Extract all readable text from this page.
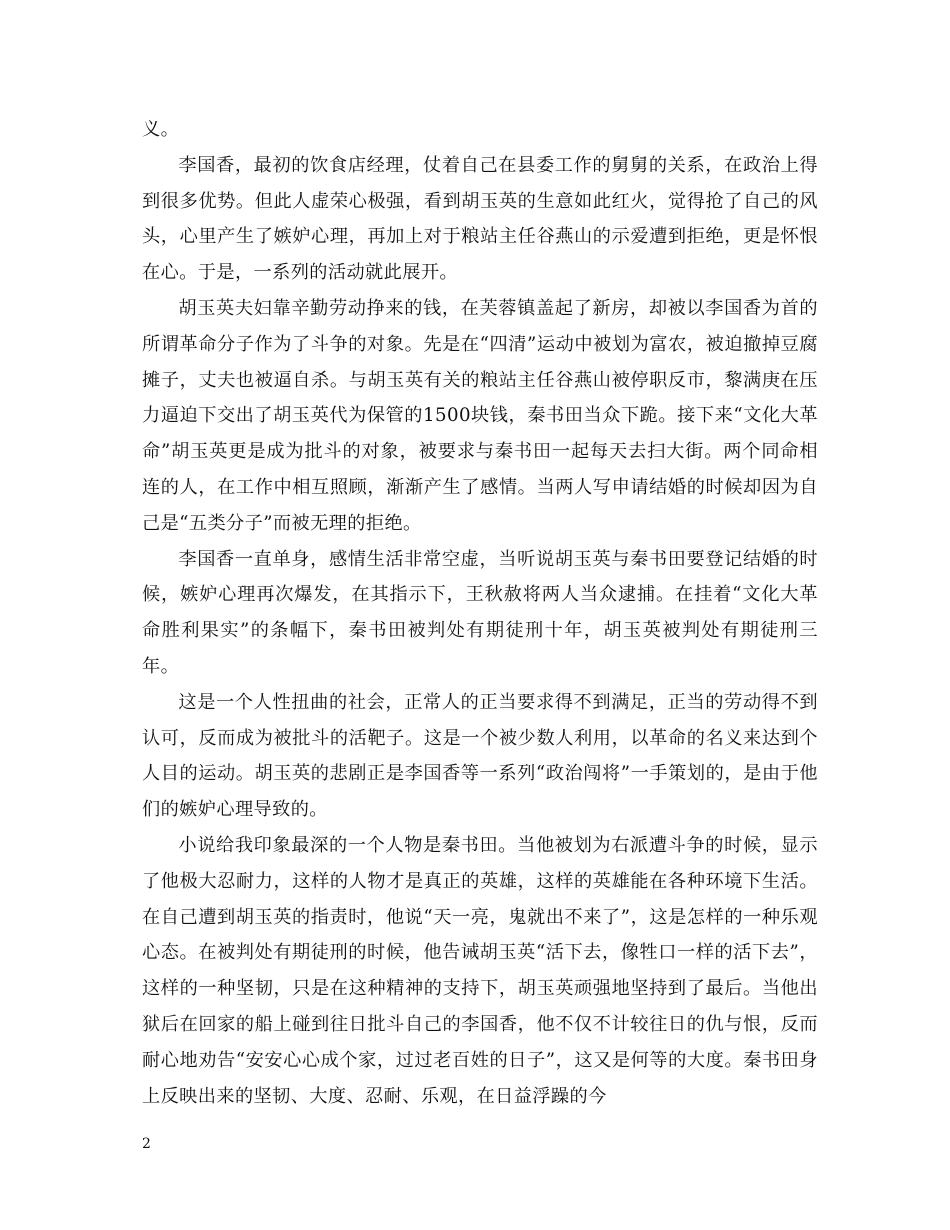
义。

李国香，最初的饮食店经理，仗着自己在县委工作的舅舅的关系，在政治上得到很多优势。但此人虚荣心极强，看到胡玉英的生意如此红火，觉得抢了自己的风头，心里产生了嫉妒心理，再加上对于粮站主任谷燕山的示爱遭到拒绝，更是怀恨在心。于是，一系列的活动就此展开。

胡玉英夫妇靠辛勤劳动挣来的钱，在芙蓉镇盖起了新房，却被以李国香为首的所谓革命分子作为了斗争的对象。先是在“四清”运动中被划为富农，被迫撤掉豆腐摊子，丈夫也被逼自杀。与胡玉英有关的粮站主任谷燕山被停职反市，黎满庚在压力逼迫下交出了胡玉英代为保管的1500块钱，秦书田当众下跪。接下来“文化大革命”胡玉英更是成为批斗的对象，被要求与秦书田一起每天去扫大街。两个同命相连的人，在工作中相互照顾，渐渐产生了感情。当两人写申请结婚的时候却因为自己是“五类分子”而被无理的拒绝。

李国香一直单身，感情生活非常空虚，当听说胡玉英与秦书田要登记结婚的时候，嫉妒心理再次爆发，在其指示下，王秋赦将两人当众逮捕。在挂着“文化大革命胜利果实”的条幅下，秦书田被判处有期徒刑十年，胡玉英被判处有期徒刑三年。

这是一个人性扭曲的社会，正常人的正当要求得不到满足，正当的劳动得不到认可，反而成为被批斗的活靶子。这是一个被少数人利用，以革命的名义来达到个人目的运动。胡玉英的悲剧正是李国香等一系列“政治闯将”一手策划的，是由于他们的嫉妒心理导致的。

小说给我印象最深的一个人物是秦书田。当他被划为右派遭斗争的时候，显示了他极大忍耐力，这样的人物才是真正的英雄，这样的英雄能在各种环境下生活。在自己遭到胡玉英的指责时，他说“天一亮，鬼就出不来了”，这是怎样的一种乐观心态。在被判处有期徒刑的时候，他告诫胡玉英“活下去，像牲口一样的活下去”，这样的一种坚韧，只是在这种精神的支持下，胡玉英顽强地坚持到了最后。当他出狱后在回家的船上碰到往日批斗自己的李国香，他不仅不计较往日的仇与恨，反而耐心地劝告“安安心心成个家，过过老百姓的日子”，这又是何等的大度。秦书田身上反映出来的坚韧、大度、忍耐、乐观，在日益浮躁的今

2
